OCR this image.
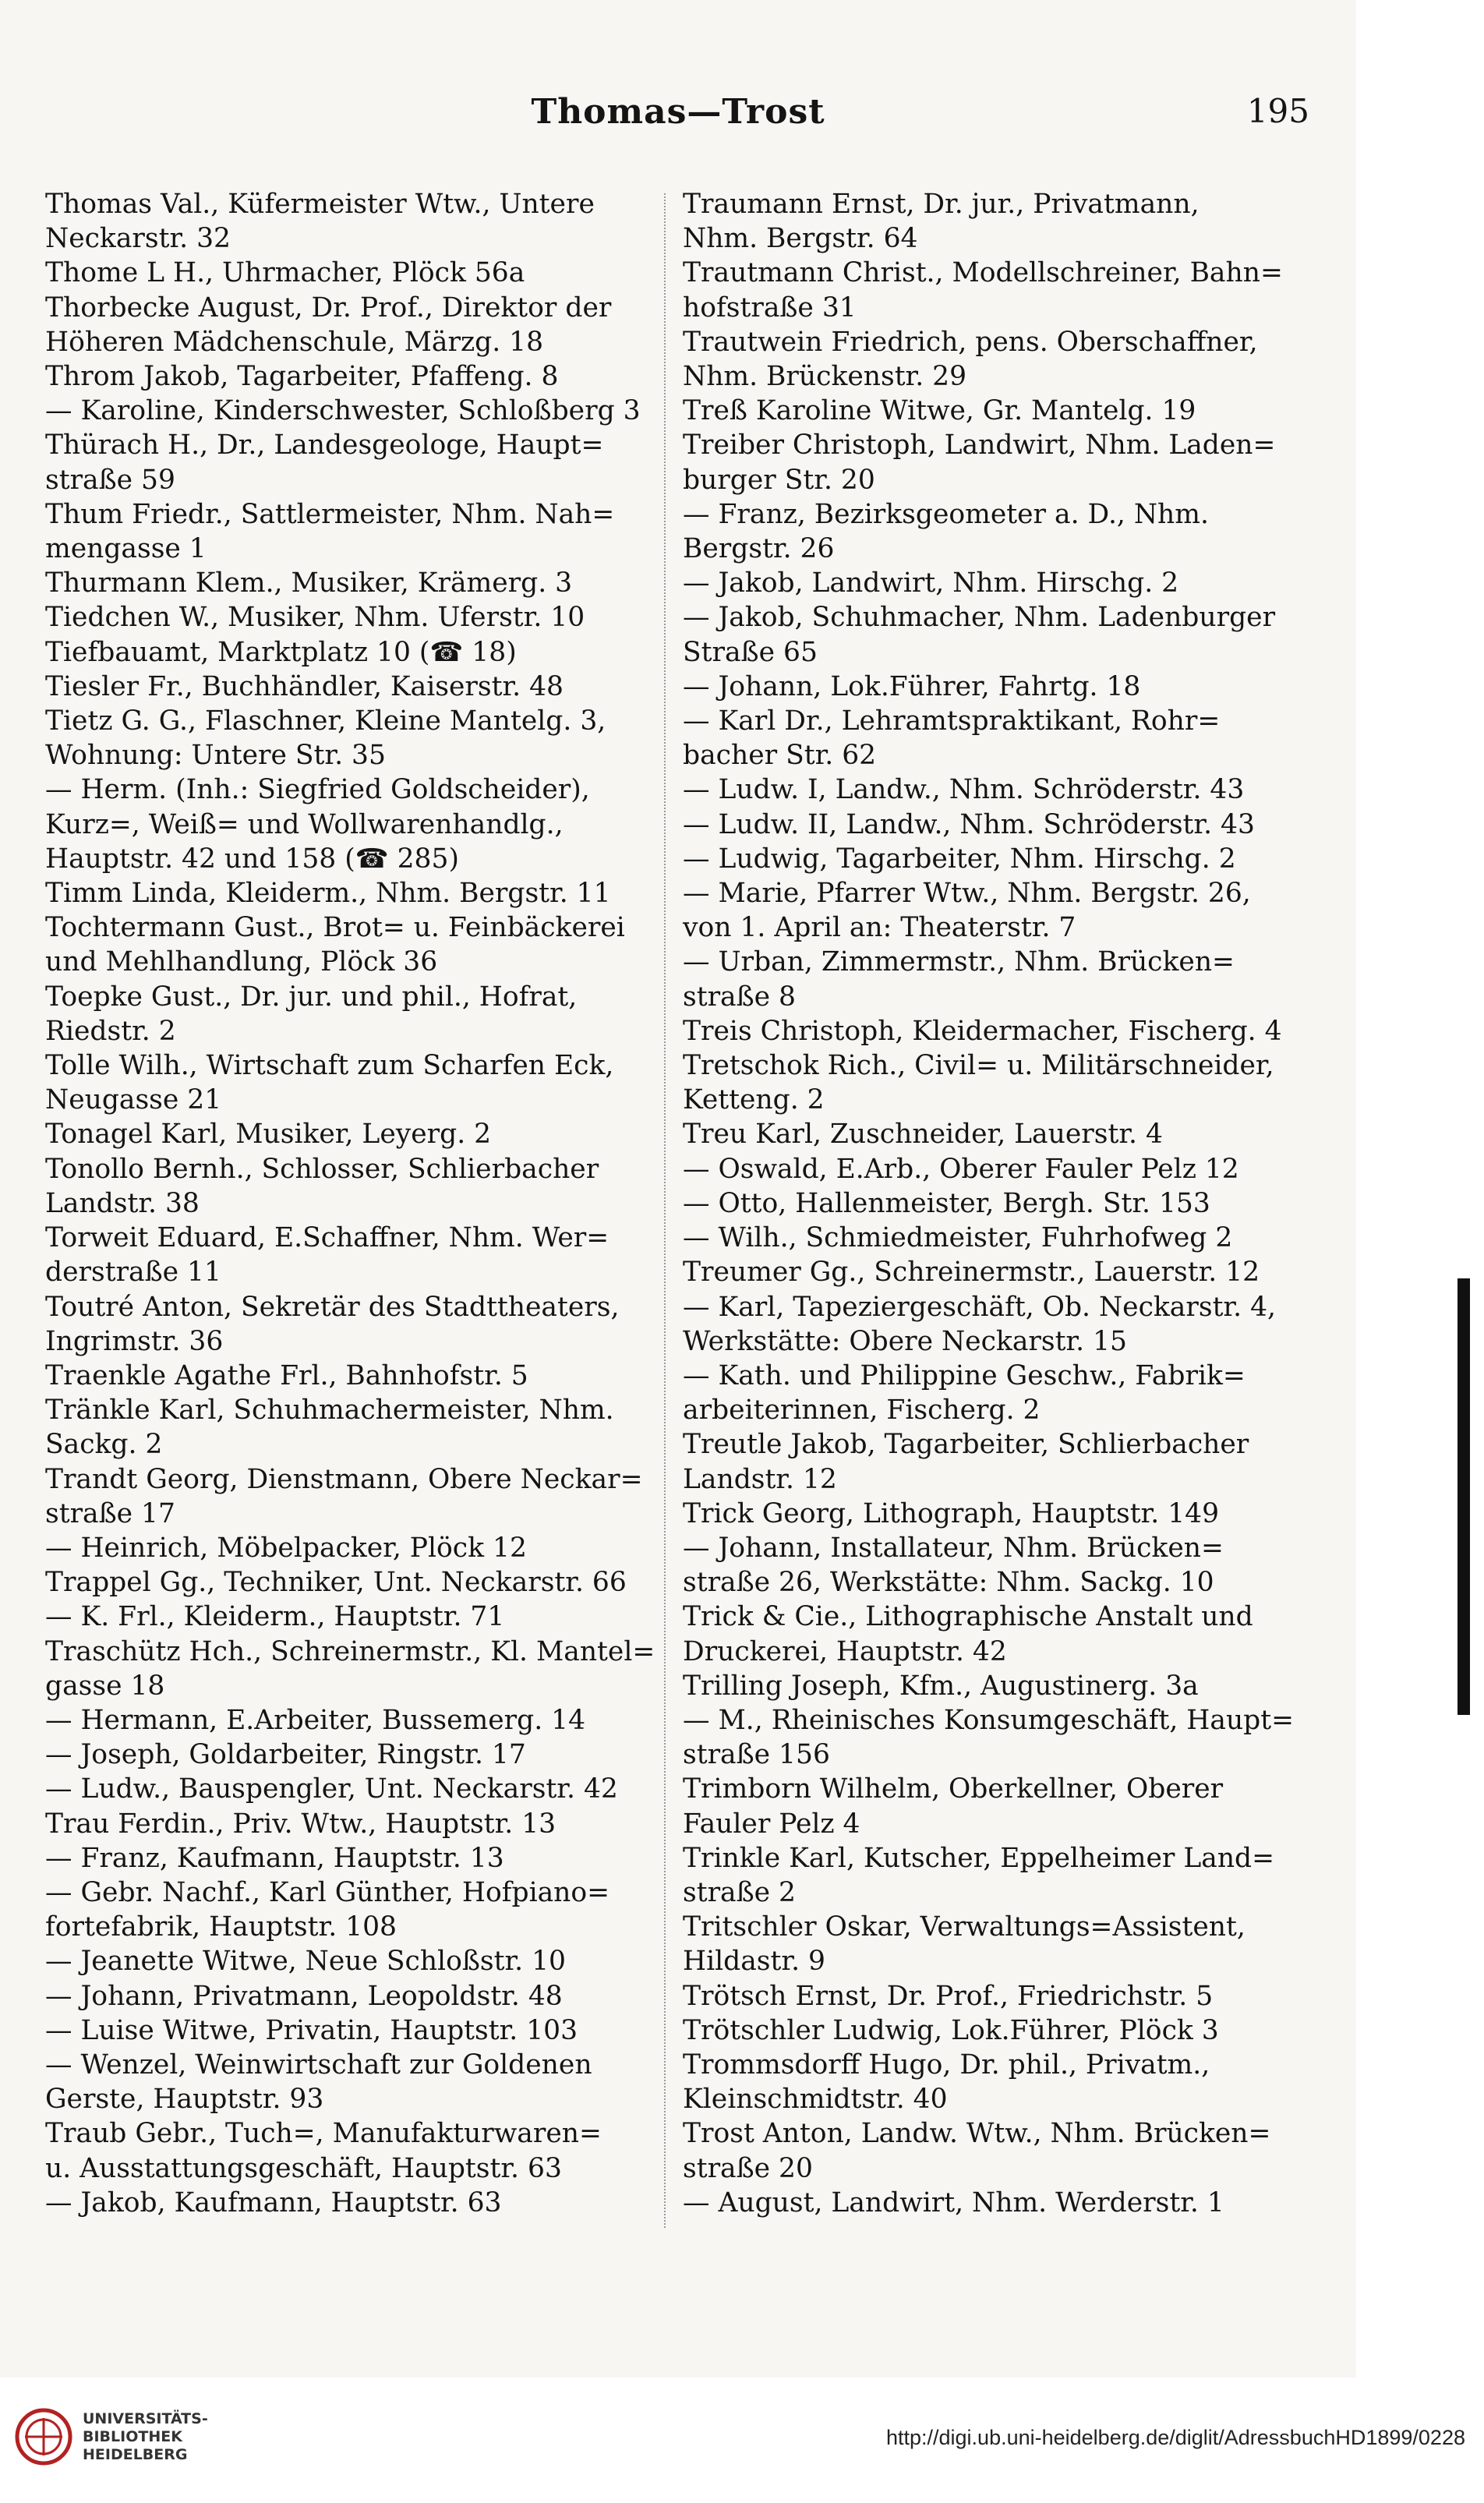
Thomas—Trost	195
Thomas Val., Küfermeister Wtw., Untere
Neckarstr. 32
Thome L H., Uhrmacher, Plöck 56a
Thorbecke August, Dr. Prof., Direktor der
Höheren Mädchenschule, Märzg. 18
Throm Jakob, Tagarbeiter, Pfaffeng. 8
— Karoline, Kinderschwester, Schloßberg 3
Thürach H., Dr., Landesgeologe, Haupt=
straße 59
Thum Friedr., Sattlermeister, Nhm. Nah=
mengasse 1
Thurmann Klem., Musiker, Krämerg. 3
Tiedchen W., Musiker, Nhm. Uferstr. 10
Tiefbauamt, Marktplatz 10 (☎ 18)
Tiesler Fr., Buchhändler, Kaiserstr. 48
Tietz G. G., Flaschner, Kleine Mantelg. 3,
Wohnung: Untere Str. 35
— Herm. (Inh.: Siegfried Goldscheider),
Kurz=, Weiß= und Wollwarenhandlg.,
Hauptstr. 42 und 158 (☎ 285)
Timm Linda, Kleiderm., Nhm. Bergstr. 11
Tochtermann Gust., Brot= u. Feinbäckerei
und Mehlhandlung, Plöck 36
Toepke Gust., Dr. jur. und phil., Hofrat,
Riedstr. 2
Tolle Wilh., Wirtschaft zum Scharfen Eck,
Neugasse 21
Tonagel Karl, Musiker, Leyerg. 2
Tonollo Bernh., Schlosser, Schlierbacher
Landstr. 38
Torweit Eduard, E.Schaffner, Nhm. Wer=
derstraße 11
Toutré Anton, Sekretär des Stadttheaters,
Ingrimstr. 36
Traenkle Agathe Frl., Bahnhofstr. 5
Tränkle Karl, Schuhmachermeister, Nhm.
Sackg. 2
Trandt Georg, Dienstmann, Obere Neckar=
straße 17
— Heinrich, Möbelpacker, Plöck 12
Trappel Gg., Techniker, Unt. Neckarstr. 66
— K. Frl., Kleiderm., Hauptstr. 71
Traschütz Hch., Schreinermstr., Kl. Mantel=
gasse 18
— Hermann, E.Arbeiter, Bussemerg. 14
— Joseph, Goldarbeiter, Ringstr. 17
— Ludw., Bauspengler, Unt. Neckarstr. 42
Trau Ferdin., Priv. Wtw., Hauptstr. 13
— Franz, Kaufmann, Hauptstr. 13
— Gebr. Nachf., Karl Günther, Hofpiano=
fortefabrik, Hauptstr. 108
— Jeanette Witwe, Neue Schloßstr. 10
— Johann, Privatmann, Leopoldstr. 48
— Luise Witwe, Privatin, Hauptstr. 103
— Wenzel, Weinwirtschaft zur Goldenen
Gerste, Hauptstr. 93
Traub Gebr., Tuch=, Manufakturwaren=
u. Ausstattungsgeschäft, Hauptstr. 63
— Jakob, Kaufmann, Hauptstr. 63
Traumann Ernst, Dr. jur., Privatmann,
Nhm. Bergstr. 64
Trautmann Christ., Modellschreiner, Bahn=
hofstraße 31
Trautwein Friedrich, pens. Oberschaffner,
Nhm. Brückenstr. 29
Treß Karoline Witwe, Gr. Mantelg. 19
Treiber Christoph, Landwirt, Nhm. Laden=
burger Str. 20
— Franz, Bezirksgeometer a. D., Nhm.
Bergstr. 26
— Jakob, Landwirt, Nhm. Hirschg. 2
— Jakob, Schuhmacher, Nhm. Ladenburger
Straße 65
— Johann, Lok.Führer, Fahrtg. 18
— Karl Dr., Lehramtspraktikant, Rohr=
bacher Str. 62
— Ludw. I, Landw., Nhm. Schröderstr. 43
— Ludw. II, Landw., Nhm. Schröderstr. 43
— Ludwig, Tagarbeiter, Nhm. Hirschg. 2
— Marie, Pfarrer Wtw., Nhm. Bergstr. 26,
von 1. April an: Theaterstr. 7
— Urban, Zimmermstr., Nhm. Brücken=
straße 8
Treis Christoph, Kleidermacher, Fischerg. 4
Tretschok Rich., Civil= u. Militärschneider,
Ketteng. 2
Treu Karl, Zuschneider, Lauerstr. 4
— Oswald, E.Arb., Oberer Fauler Pelz 12
— Otto, Hallenmeister, Bergh. Str. 153
— Wilh., Schmiedmeister, Fuhrhofweg 2
Treumer Gg., Schreinermstr., Lauerstr. 12
— Karl, Tapeziergeschäft, Ob. Neckarstr. 4,
Werkstätte: Obere Neckarstr. 15
— Kath. und Philippine Geschw., Fabrik=
arbeiterinnen, Fischerg. 2
Treutle Jakob, Tagarbeiter, Schlierbacher
Landstr. 12
Trick Georg, Lithograph, Hauptstr. 149
— Johann, Installateur, Nhm. Brücken=
straße 26, Werkstätte: Nhm. Sackg. 10
Trick & Cie., Lithographische Anstalt und
Druckerei, Hauptstr. 42
Trilling Joseph, Kfm., Augustinerg. 3a
— M., Rheinisches Konsumgeschäft, Haupt=
straße 156
Trimborn Wilhelm, Oberkellner, Oberer
Fauler Pelz 4
Trinkle Karl, Kutscher, Eppelheimer Land=
straße 2
Tritschler Oskar, Verwaltungs=Assistent,
Hildastr. 9
Trötsch Ernst, Dr. Prof., Friedrichstr. 5
Trötschler Ludwig, Lok.Führer, Plöck 3
Trommsdorff Hugo, Dr. phil., Privatm.,
Kleinschmidtstr. 40
Trost Anton, Landw. Wtw., Nhm. Brücken=
straße 20
— August, Landwirt, Nhm. Werderstr. 1
UNIVERSITÄTS-
BIBLIOTHEK
HEIDELBERG
http://digi.ub.uni-heidelberg.de/diglit/AdressbuchHD1899/0228
